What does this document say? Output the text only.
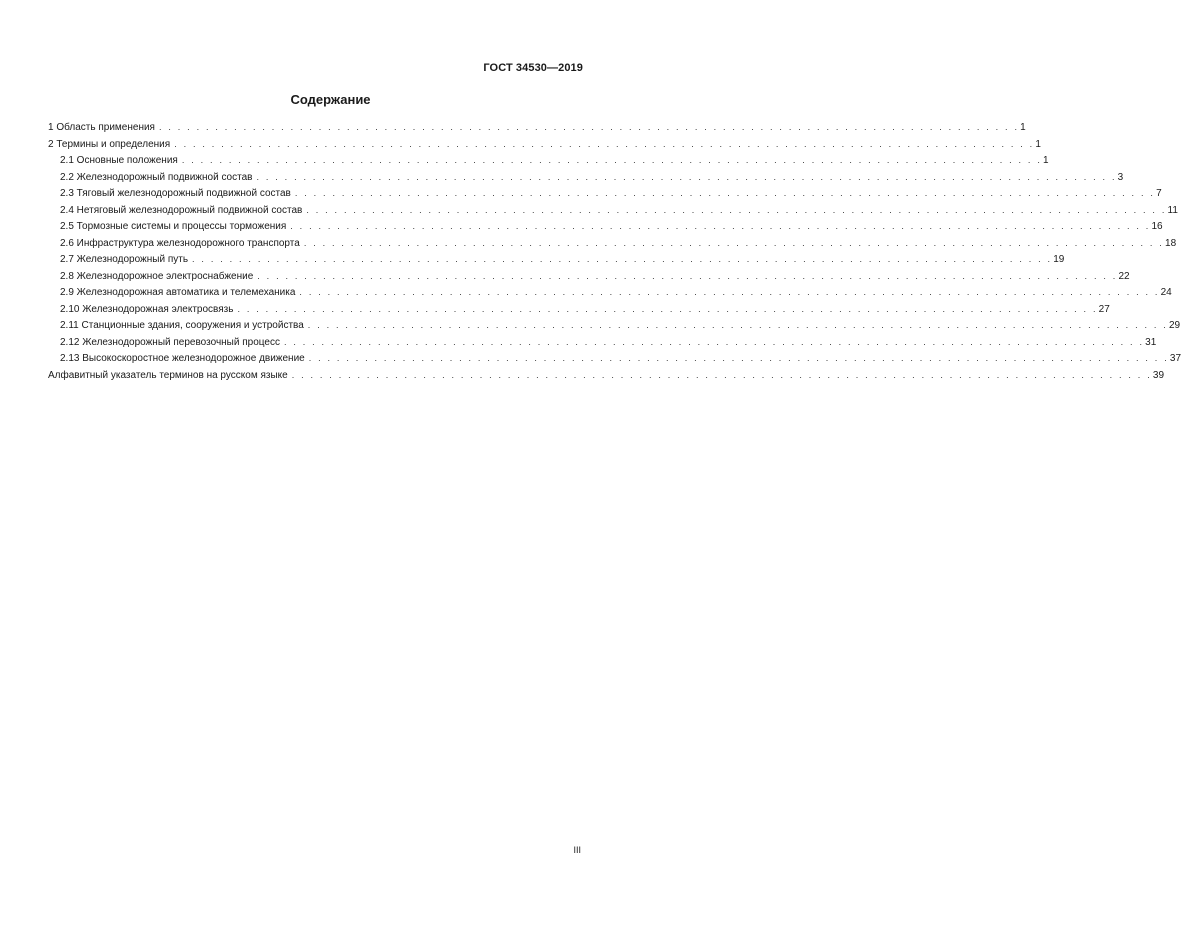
ГОСТ 34530—2019
Содержание
1 Область применения . . . . . . . . . . . . . . . . . . . . . . . . . . . . . . . . . . . . . . . . . . . . . . . . . . . . . . . . . . . . . . . . . . . . . . . . . . . . . . . . . . . . . . . . . . . . 1
2 Термины и определения . . . . . . . . . . . . . . . . . . . . . . . . . . . . . . . . . . . . . . . . . . . . . . . . . . . . . . . . . . . . . . . . . . . . . . . . . . . . . . . . . . . . . . . . . . . . 1
2.1 Основные положения . . . . . . . . . . . . . . . . . . . . . . . . . . . . . . . . . . . . . . . . . . . . . . . . . . . . . . . . . . . . . . . . . . . . . . . . . . . . . . . . . . . . . . . . . . . . 1
2.2 Железнодорожный подвижной состав . . . . . . . . . . . . . . . . . . . . . . . . . . . . . . . . . . . . . . . . . . . . . . . . . . . . . . . . . . . . . . . . . . . . . . . . . . . . . . . . . . . . . . . . . . . . 3
2.3 Тяговый железнодорожный подвижной состав . . . . . . . . . . . . . . . . . . . . . . . . . . . . . . . . . . . . . . . . . . . . . . . . . . . . . . . . . . . . . . . . . . . . . . . . . . . . . . . . . . . . . . . . . . . . 7
2.4 Нетяговый железнодорожный подвижной состав . . . . . . . . . . . . . . . . . . . . . . . . . . . . . . . . . . . . . . . . . . . . . . . . . . . . . . . . . . . . . . . . . . . . . . . . . . . . . . . . . . . . . . . . . . . . 11
2.5 Тормозные системы и процессы торможения . . . . . . . . . . . . . . . . . . . . . . . . . . . . . . . . . . . . . . . . . . . . . . . . . . . . . . . . . . . . . . . . . . . . . . . . . . . . . . . . . . . . . . . . . . . . 16
2.6 Инфраструктура железнодорожного транспорта . . . . . . . . . . . . . . . . . . . . . . . . . . . . . . . . . . . . . . . . . . . . . . . . . . . . . . . . . . . . . . . . . . . . . . . . . . . . . . . . . . . . . . . . . . . . 18
2.7 Железнодорожный путь . . . . . . . . . . . . . . . . . . . . . . . . . . . . . . . . . . . . . . . . . . . . . . . . . . . . . . . . . . . . . . . . . . . . . . . . . . . . . . . . . . . . . . . . . . . . 19
2.8 Железнодорожное электроснабжение . . . . . . . . . . . . . . . . . . . . . . . . . . . . . . . . . . . . . . . . . . . . . . . . . . . . . . . . . . . . . . . . . . . . . . . . . . . . . . . . . . . . . . . . . . . . 22
2.9 Железнодорожная автоматика и телемеханика . . . . . . . . . . . . . . . . . . . . . . . . . . . . . . . . . . . . . . . . . . . . . . . . . . . . . . . . . . . . . . . . . . . . . . . . . . . . . . . . . . . . . . . . . . . . 24
2.10 Железнодорожная электросвязь . . . . . . . . . . . . . . . . . . . . . . . . . . . . . . . . . . . . . . . . . . . . . . . . . . . . . . . . . . . . . . . . . . . . . . . . . . . . . . . . . . . . . . . . . . . . 27
2.11 Станционные здания, сооружения и устройства . . . . . . . . . . . . . . . . . . . . . . . . . . . . . . . . . . . . . . . . . . . . . . . . . . . . . . . . . . . . . . . . . . . . . . . . . . . . . . . . . . . . . . . . . . . . 29
2.12 Железнодорожный перевозочный процесс . . . . . . . . . . . . . . . . . . . . . . . . . . . . . . . . . . . . . . . . . . . . . . . . . . . . . . . . . . . . . . . . . . . . . . . . . . . . . . . . . . . . . . . . . . . . 31
2.13 Высокоскоростное железнодорожное движение . . . . . . . . . . . . . . . . . . . . . . . . . . . . . . . . . . . . . . . . . . . . . . . . . . . . . . . . . . . . . . . . . . . . . . . . . . . . . . . . . . . . . . . . . . . . 37
Алфавитный указатель терминов на русском языке . . . . . . . . . . . . . . . . . . . . . . . . . . . . . . . . . . . . . . . . . . . . . . . . . . . . . . . . . . . . . . . . . . . . . . . . . . . . . . . . . . . . . . . . . . . . 39
III
